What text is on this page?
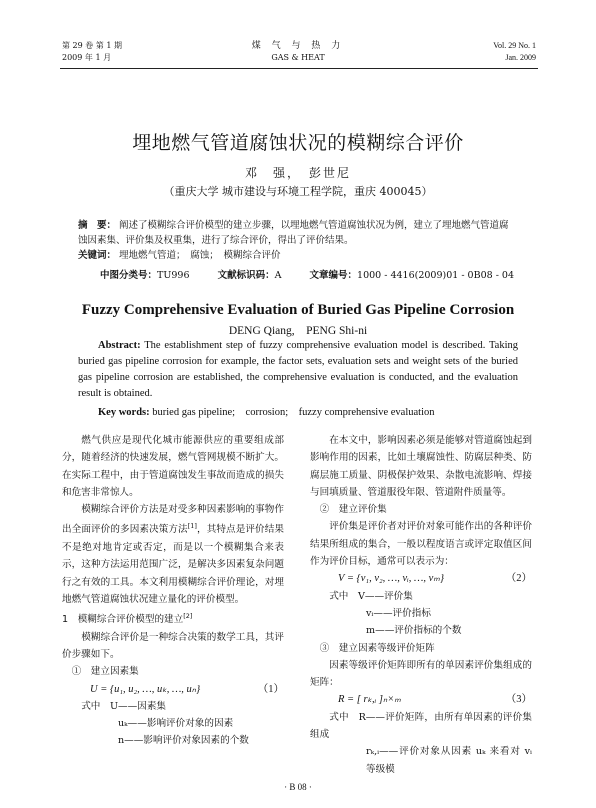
第 29 卷 第 1 期
2009 年 1 月
煤 气 与 热 力
GAS & HEAT
Vol. 29 No. 1
Jan. 2009
埋地燃气管道腐蚀状况的模糊综合评价
邓　强，　彭世尼
（重庆大学 城市建设与环境工程学院，重庆 400045）
摘　要： 阐述了模糊综合评价模型的建立步骤，以埋地燃气管道腐蚀状况为例，建立了埋地燃气管道腐蚀因素集、评价集及权重集，进行了综合评价，得出了评价结果。
关键词： 埋地燃气管道；　腐蚀；　模糊综合评价
中图分类号：TU996	文献标识码：A	文章编号：1000 - 4416(2009)01 - 0B08 - 04
Fuzzy Comprehensive Evaluation of Buried Gas Pipeline Corrosion
DENG Qiang,　PENG Shi-ni
Abstract: The establishment step of fuzzy comprehensive evaluation model is described. Taking buried gas pipeline corrosion for example, the factor sets, evaluation sets and weight sets of the buried gas pipeline corrosion are established, the comprehensive evaluation is conducted, and the evaluation result is obtained.
Key words: buried gas pipeline;　corrosion;　fuzzy comprehensive evaluation

燃气供应是现代化城市能源供应的重要组成部分，随着经济的快速发展，燃气管网规模不断扩大。在实际工程中，由于管道腐蚀发生事故而造成的损失和危害非常惊人。

模糊综合评价方法是对受多种因素影响的事物作出全面评价的多因素决策方法[1]，其特点是评价结果不是绝对地肯定或否定，而是以一个模糊集合来表示，这种方法运用范围广泛，是解决多因素复杂问题行之有效的工具。本文利用模糊综合评价理论，对埋地燃气管道腐蚀状况建立量化的评价模型。

1　模糊综合评价模型的建立[2]

模糊综合评价是一种综合决策的数学工具，其评价步骤如下。

①　建立因素集

U = {u₁, u₂, …, uₖ, …, uₙ}	（1）

式中　U——因素集

uₖ——影响评价对象的因素

n——影响评价对象因素的个数

在本文中，影响因素必须是能够对管道腐蚀起到影响作用的因素，比如土壤腐蚀性、防腐层种类、防腐层施工质量、阴极保护效果、杂散电流影响、焊接与回填质量、管道服役年限、管道附件质量等。

②　建立评价集

评价集是评价者对评价对象可能作出的各种评价结果所组成的集合，一般以程度语言或评定取值区间作为评价目标，通常可以表示为：

V = {v₁, v₂, …, vᵢ, …, vₘ}	（2）

式中　V——评价集

vᵢ——评价指标

m——评价指标的个数

③　建立因素等级评价矩阵

因素等级评价矩阵即所有的单因素评价集组成的矩阵：

R = [ rₖ,ᵢ ]ₙ×ₘ	（3）

式中　R——评价矩阵，由所有单因素的评价集组成

rₖ,ᵢ——评价对象从因素 uₖ 来看对 vᵢ 等级模

· B 08 ·
